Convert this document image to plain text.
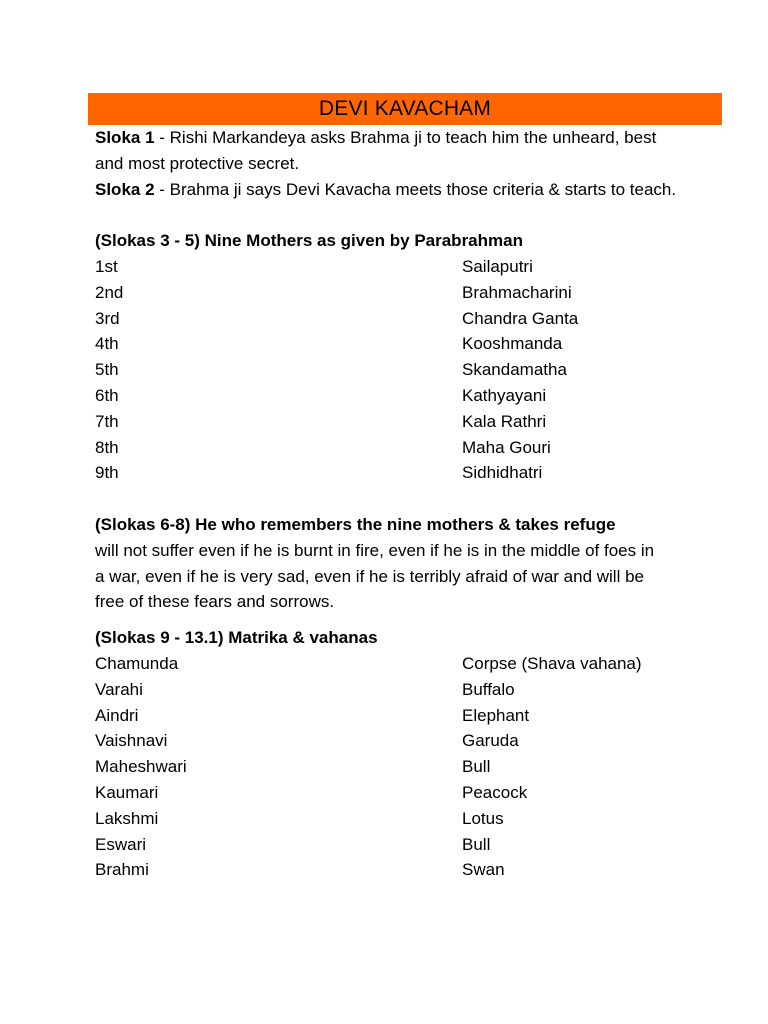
DEVI KAVACHAM
Sloka 1 - Rishi Markandeya asks Brahma ji to teach him the unheard, best
and most protective secret.
Sloka 2 - Brahma ji says Devi Kavacha meets those criteria & starts to teach.
(Slokas 3 - 5) Nine Mothers as given by Parabrahman
1st	Sailaputri
2nd	Brahmacharini
3rd	Chandra Ganta
4th	Kooshmanda
5th	Skandamatha
6th	Kathyayani
7th	Kala Rathri
8th	Maha Gouri
9th	Sidhidhatri
(Slokas 6-8) He who remembers the nine mothers & takes refuge
will not suffer even if he is burnt in fire, even if he is in the middle of foes in
a war, even if he is very sad, even if he is terribly afraid of war and will be
free of these fears and sorrows.
(Slokas 9 - 13.1) Matrika & vahanas
Chamunda	Corpse (Shava vahana)
Varahi	Buffalo
Aindri	Elephant
Vaishnavi	Garuda
Maheshwari	Bull
Kaumari	Peacock
Lakshmi	Lotus
Eswari	Bull
Brahmi	Swan
